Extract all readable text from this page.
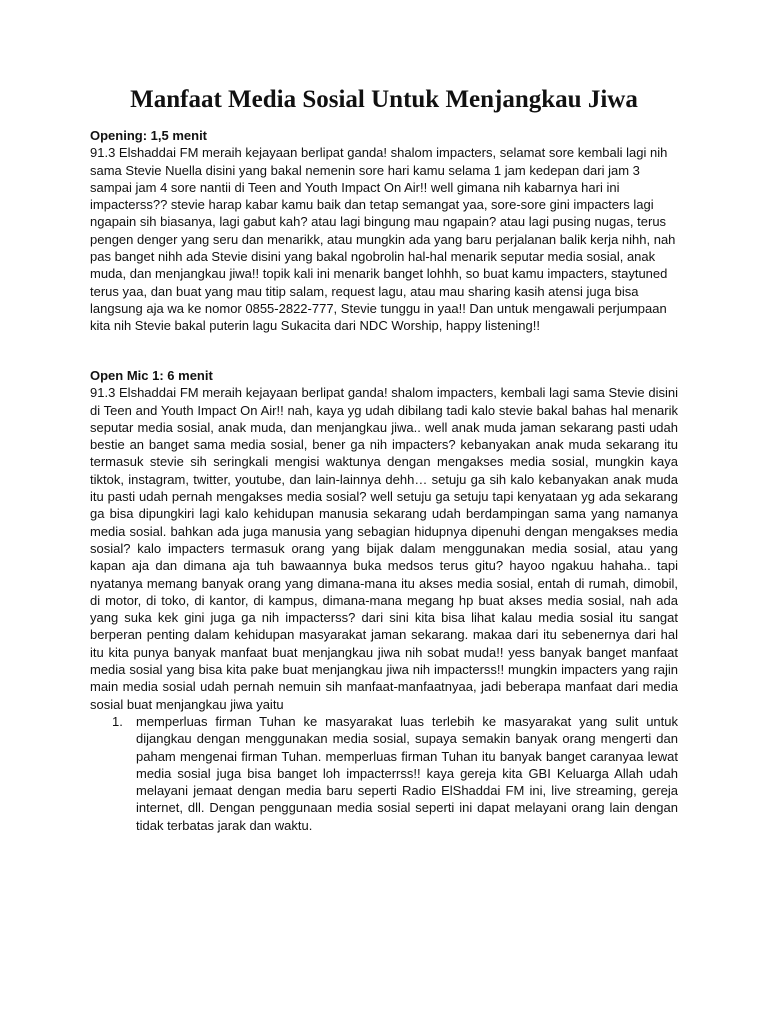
Manfaat Media Sosial Untuk Menjangkau Jiwa

Opening: 1,5 menit

91.3 Elshaddai FM meraih kejayaan berlipat ganda! shalom impacters, selamat sore kembali lagi nih sama Stevie Nuella disini yang bakal nemenin sore hari kamu selama 1 jam kedepan dari jam 3 sampai jam 4 sore nantii di Teen and Youth Impact On Air!! well gimana nih kabarnya hari ini impacterss?? stevie harap kabar kamu baik dan tetap semangat yaa, sore-sore gini impacters lagi ngapain sih biasanya, lagi gabut kah? atau lagi bingung mau ngapain? atau lagi pusing nugas, terus pengen denger yang seru dan menarikk, atau mungkin ada yang baru perjalanan balik kerja nihh, nah pas banget nihh ada Stevie disini yang bakal ngobrolin hal-hal menarik seputar media sosial, anak muda, dan menjangkau jiwa!! topik kali ini menarik banget lohhh, so buat kamu impacters, staytuned terus yaa, dan buat yang mau titip salam, request lagu, atau mau sharing kasih atensi juga bisa langsung aja wa ke nomor 0855-2822-777, Stevie tunggu in yaa!! Dan untuk mengawali perjumpaan kita nih Stevie bakal puterin lagu Sukacita dari NDC Worship, happy listening!!

Open Mic 1: 6 menit

91.3 Elshaddai FM meraih kejayaan berlipat ganda! shalom impacters, kembali lagi sama Stevie disini di Teen and Youth Impact On Air!! nah, kaya yg udah dibilang tadi kalo stevie bakal bahas hal menarik seputar media sosial, anak muda, dan menjangkau jiwa.. well anak muda jaman sekarang pasti udah bestie an banget sama media sosial, bener ga nih impacters? kebanyakan anak muda sekarang itu termasuk stevie sih seringkali mengisi waktunya dengan mengakses media sosial, mungkin kaya tiktok, instagram, twitter, youtube, dan lain-lainnya dehh… setuju ga sih kalo kebanyakan anak muda itu pasti udah pernah mengakses media sosial? well setuju ga setuju tapi kenyataan yg ada sekarang ga bisa dipungkiri lagi kalo kehidupan manusia sekarang udah berdampingan sama yang namanya media sosial. bahkan ada juga manusia yang sebagian hidupnya dipenuhi dengan mengakses media sosial? kalo impacters termasuk orang yang bijak dalam menggunakan media sosial, atau yang kapan aja dan dimana aja tuh bawaannya buka medsos terus gitu? hayoo ngakuu hahaha.. tapi nyatanya memang banyak orang yang dimana-mana itu akses media sosial, entah di rumah, dimobil, di motor, di toko, di kantor, di kampus, dimana-mana megang hp buat akses media sosial, nah ada yang suka kek gini juga ga nih impacterss? dari sini kita bisa lihat kalau media sosial itu sangat berperan penting dalam kehidupan masyarakat jaman sekarang. makaa dari itu sebenernya dari hal itu kita punya banyak manfaat buat menjangkau jiwa nih sobat muda!! yess banyak banget manfaat media sosial yang bisa kita pake buat menjangkau jiwa nih impacterss!! mungkin impacters yang rajin main media sosial udah pernah nemuin sih manfaat-manfaatnyaa, jadi beberapa manfaat dari media sosial buat menjangkau jiwa yaitu

1. memperluas firman Tuhan ke masyarakat luas terlebih ke masyarakat yang sulit untuk dijangkau dengan menggunakan media sosial, supaya semakin banyak orang mengerti dan paham mengenai firman Tuhan. memperluas firman Tuhan itu banyak banget caranyaa lewat media sosial juga bisa banget loh impacterrss!! kaya gereja kita GBI Keluarga Allah udah melayani jemaat dengan media baru seperti Radio ElShaddai FM ini, live streaming, gereja internet, dll. Dengan penggunaan media sosial seperti ini dapat melayani orang lain dengan tidak terbatas jarak dan waktu.
